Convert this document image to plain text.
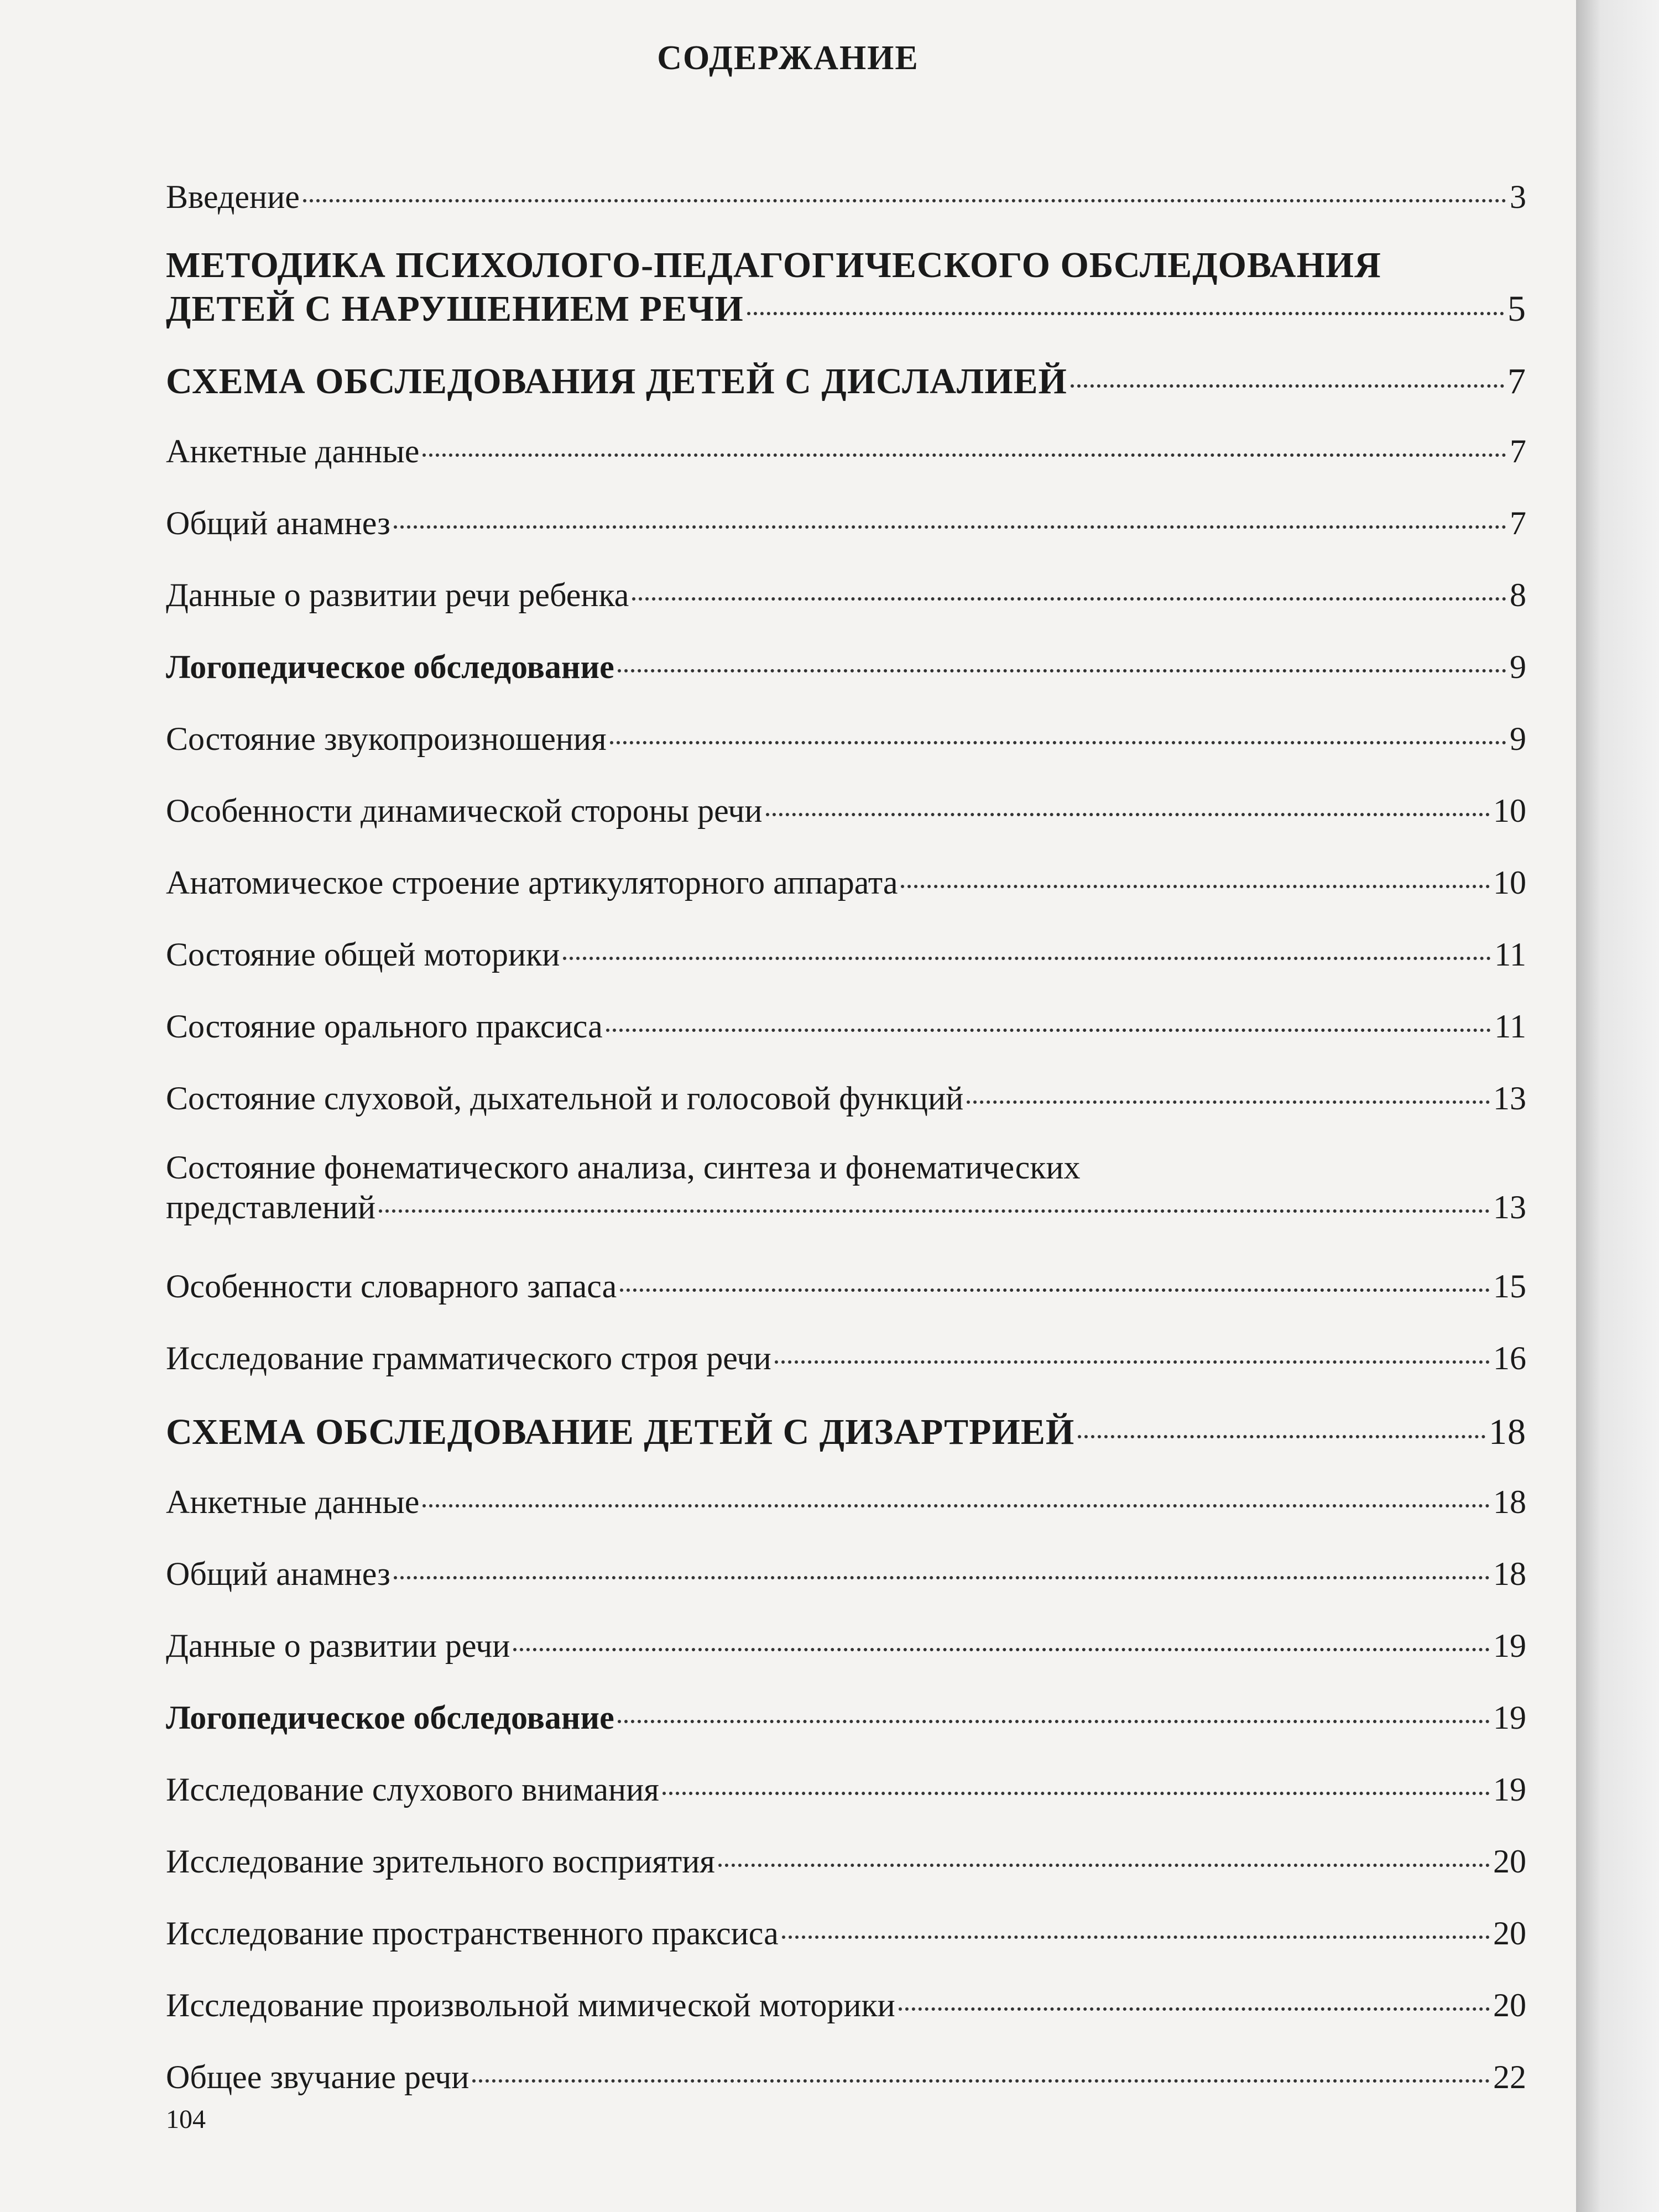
СОДЕРЖАНИЕ
Введение	3
МЕТОДИКА ПСИХОЛОГО-ПЕДАГОГИЧЕСКОГО ОБСЛЕДОВАНИЯ
ДЕТЕЙ С НАРУШЕНИЕМ РЕЧИ	5
СХЕМА ОБСЛЕДОВАНИЯ ДЕТЕЙ С ДИСЛАЛИЕЙ	7
Анкетные данные	7
Общий анамнез	7
Данные о развитии речи ребенка	8
Логопедическое обследование	9
Состояние звукопроизношения	9
Особенности динамической стороны речи	10
Анатомическое строение артикуляторного аппарата	10
Состояние общей моторики	11
Состояние орального праксиса	11
Состояние слуховой, дыхательной и голосовой функций	13
Состояние фонематического анализа, синтеза и фонематических
представлений	13
Особенности словарного запаса	15
Исследование грамматического строя речи	16
СХЕМА ОБСЛЕДОВАНИЕ ДЕТЕЙ С ДИЗАРТРИЕЙ	18
Анкетные данные	18
Общий анамнез	18
Данные о развитии речи	19
Логопедическое обследование	19
Исследование слухового внимания	19
Исследование зрительного восприятия	20
Исследование пространственного праксиса	20
Исследование произвольной мимической моторики	20
Общее звучание речи	22
104
